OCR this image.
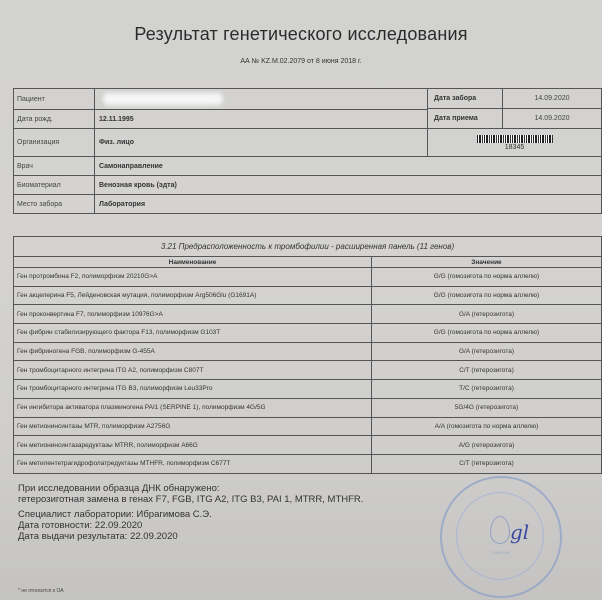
Результат генетического исследования
АА № KZ.M.02.2079 от 8 июня 2018 г.
Пациент
Дата рожд.	12.11.1995
Организация	Физ. лицо
Дата забора	14.09.2020
Дата приема	14.09.2020
18345
Врач	Самонаправление
Биоматериал	Венозная кровь (эдта)
Место забора	Лаборатория
3.21 Предрасположенность к тромбофилии - расширенная панель (11 генов)
Наименование	Значение
Ген протромбина F2, полиморфизм 20210G>A	G/G (гомозигота по норма аллелю)
Ген акцелерина F5, Лейденовская мутация, полиморфизм Arg506Glu (G1691A)	G/G (гомозигота по норма аллелю)
Ген проконвертина F7, полиморфизм 10976G>A	G/A (гетерозигота)
Ген фибрин стабилизирующего фактора F13, полиморфизм G103T	G/G (гомозигота по норма аллелю)
Ген фибриногена FGB, полиморфизм G-455A	G/A (гетерозигота)
Ген тромбоцитарного интегрина ITG A2, полиморфизм C807T	C/T (гетерозигота)
Ген тромбоцитарного интегрина ITG B3, полиморфизм Leu33Pro	T/C (гетерозигота)
Ген ингибитора активатора плазминогена PAI1 (SERPINE 1), полиморфизм 4G/5G	5G/4G (гетерозигота)
Ген метионинсинтазы MTR, полиморфизм A2756G	A/A (гомозигота по норма аллелю)
Ген метионинсинтазаредуктазы MTRR, полиморфизм A66G	A/G (гетерозигота)
Ген метилентетрагидрофолатредуктазы MTHFR, полиморфизм C677T	C/T (гетерозигота)
При исследовании образца ДНК обнаружено:
гетерозиготная замена в генах F7, FGB, ITG A2, ITG B3, PAI 1, MTRR, MTHFR.
Специалист лаборатории: Ибрагимова С.Э.
Дата готовности: 22.09.2020
Дата выдачи результата: 22.09.2020
TIMELAB
gl
* не относится к ОА
